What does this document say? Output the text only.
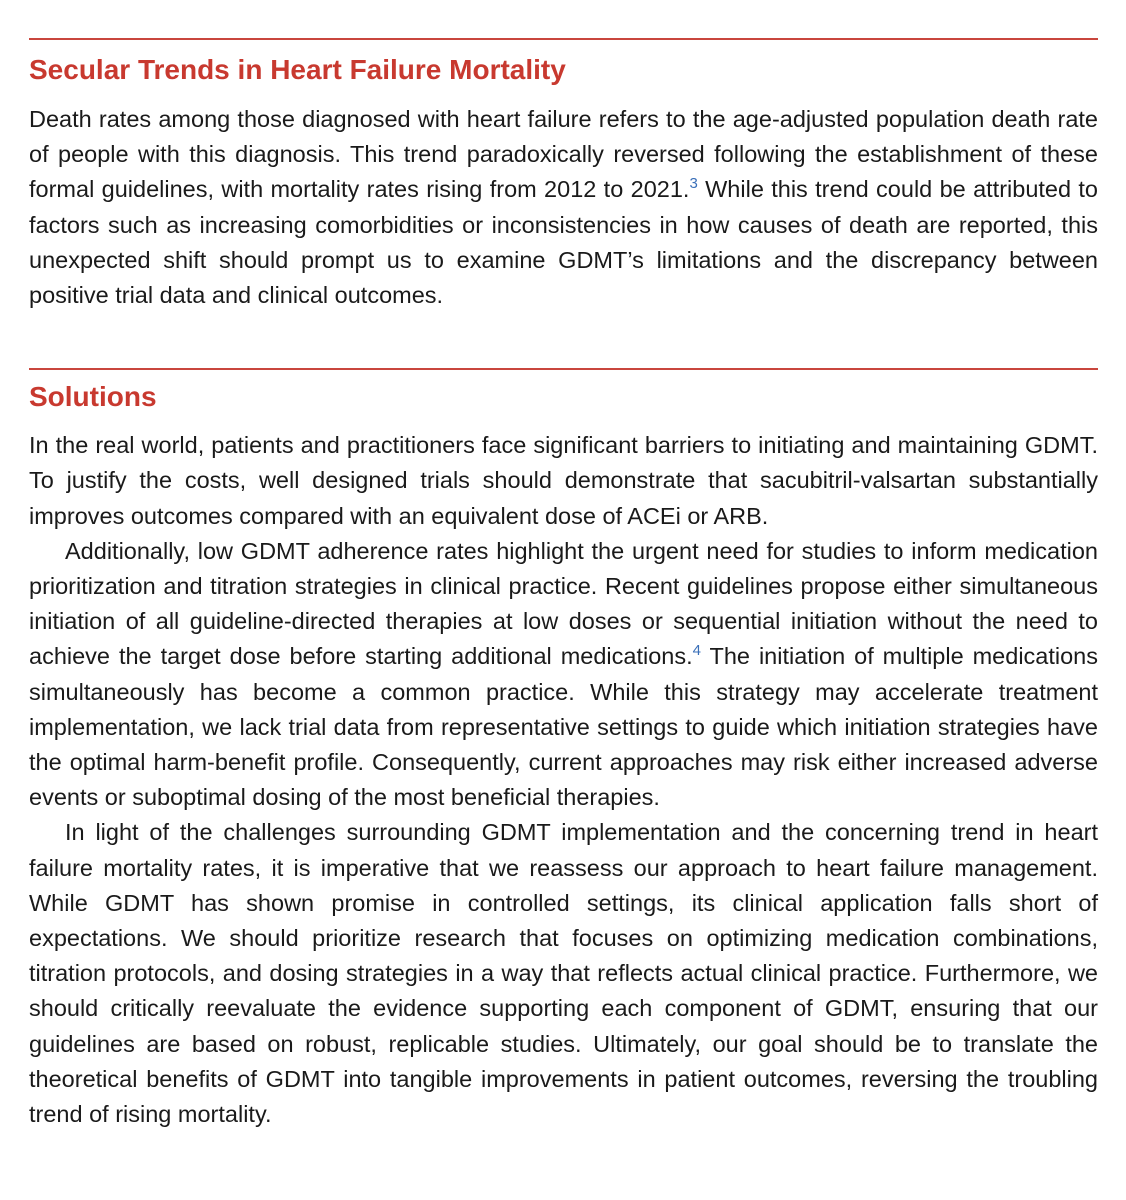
Secular Trends in Heart Failure Mortality

Death rates among those diagnosed with heart failure refers to the age-adjusted population death rate of people with this diagnosis. This trend paradoxically reversed following the establishment of these formal guidelines, with mortality rates rising from 2012 to 2021.$^3$ While this trend could be attributed to factors such as increasing comorbidities or inconsistencies in how causes of death are reported, this unexpected shift should prompt us to examine GDMT’s limitations and the discrepancy between positive trial data and clinical outcomes.

Solutions

In the real world, patients and practitioners face significant barriers to initiating and maintaining GDMT. To justify the costs, well designed trials should demonstrate that sacubitril-valsartan substantially improves outcomes compared with an equivalent dose of ACEi or ARB.

Additionally, low GDMT adherence rates highlight the urgent need for studies to inform medication prioritization and titration strategies in clinical practice. Recent guidelines propose either simultaneous initiation of all guideline-directed therapies at low doses or sequential initiation without the need to achieve the target dose before starting additional medications.$^4$ The initiation of multiple medications simultaneously has become a common practice. While this strategy may accelerate treatment implementation, we lack trial data from representative settings to guide which initiation strategies have the optimal harm-benefit profile. Consequently, current approaches may risk either increased adverse events or suboptimal dosing of the most beneficial therapies.

In light of the challenges surrounding GDMT implementation and the concerning trend in heart failure mortality rates, it is imperative that we reassess our approach to heart failure management. While GDMT has shown promise in controlled settings, its clinical application falls short of expectations. We should prioritize research that focuses on optimizing medication combinations, titration protocols, and dosing strategies in a way that reflects actual clinical practice. Furthermore, we should critically reevaluate the evidence supporting each component of GDMT, ensuring that our guidelines are based on robust, replicable studies. Ultimately, our goal should be to translate the theoretical benefits of GDMT into tangible improvements in patient outcomes, reversing the troubling trend of rising mortality.
